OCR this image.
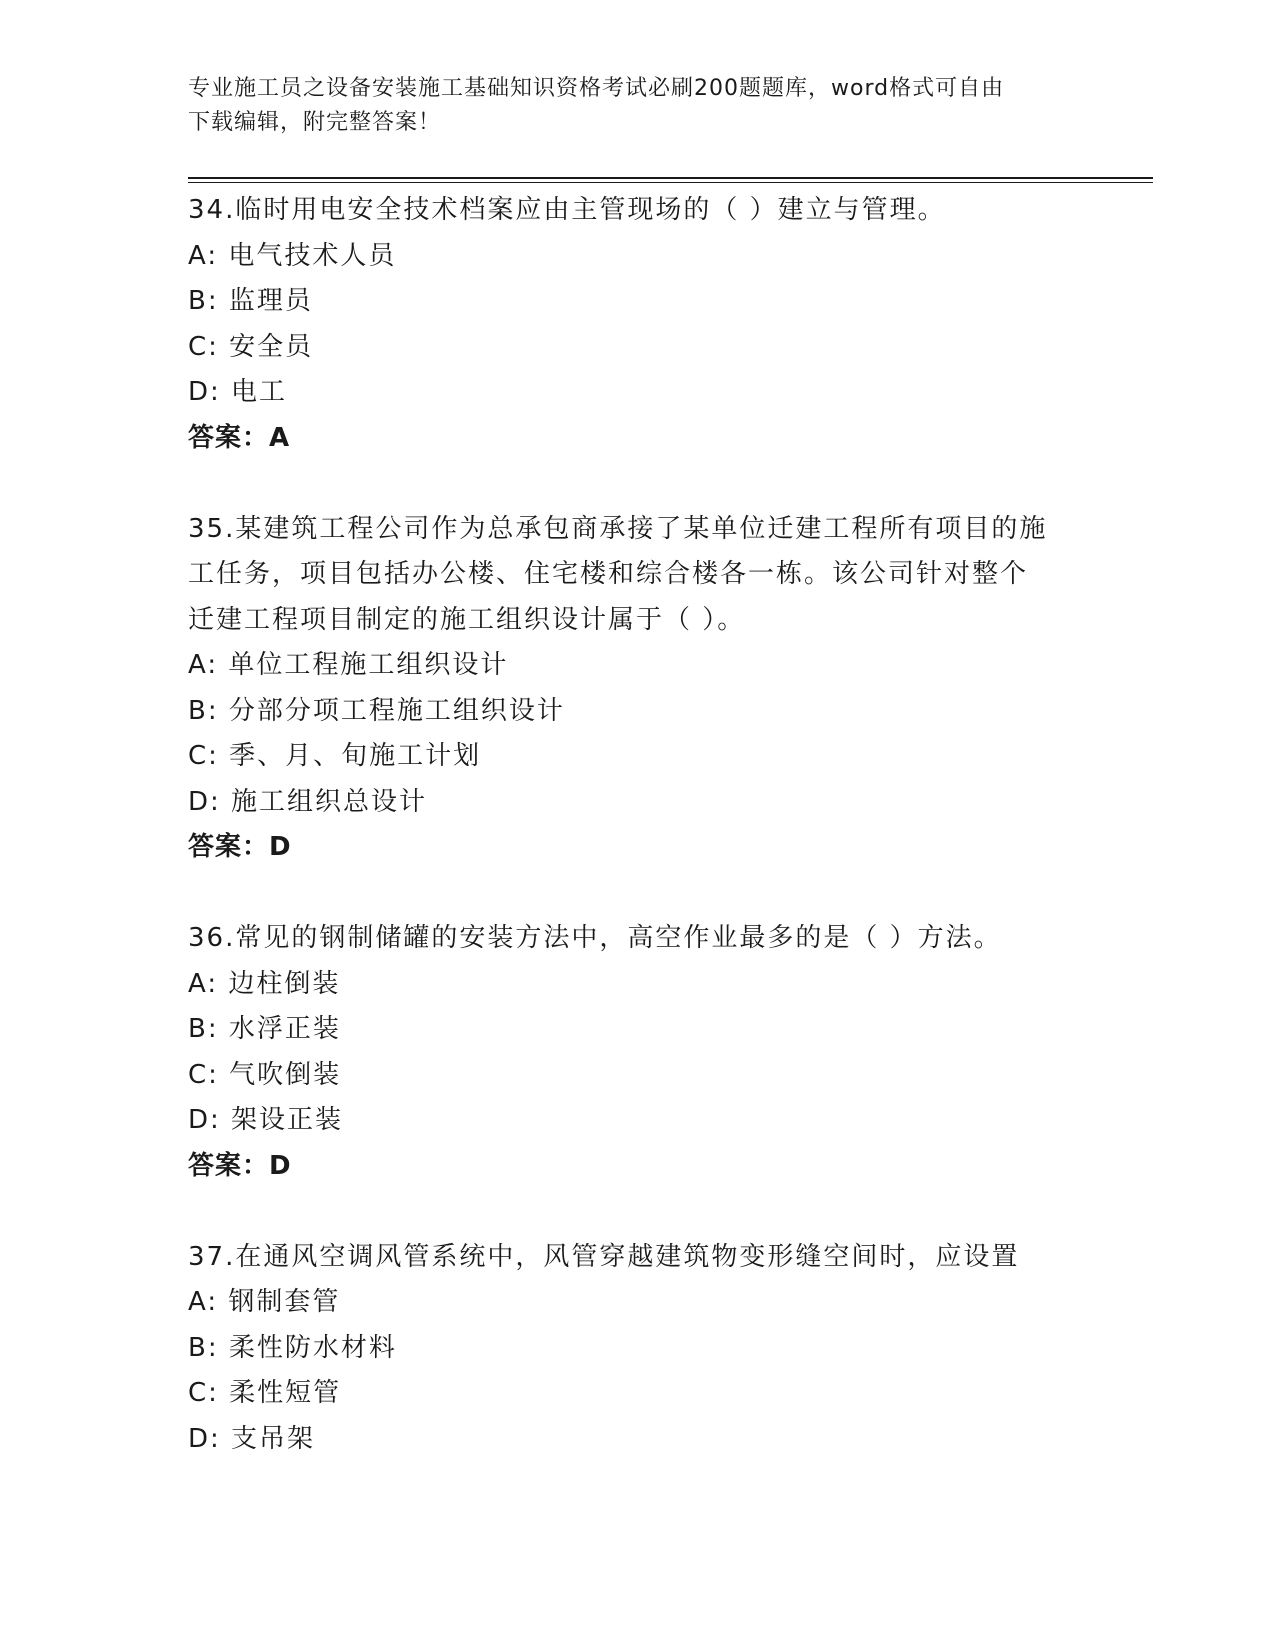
专业施工员之设备安装施工基础知识资格考试必刷200题题库，word格式可自由
下载编辑，附完整答案！

34.临时用电安全技术档案应由主管现场的（ ）建立与管理。

A: 电气技术人员

B: 监理员

C: 安全员

D: 电工

答案：A

35.某建筑工程公司作为总承包商承接了某单位迁建工程所有项目的施

工任务，项目包括办公楼、住宅楼和综合楼各一栋。该公司针对整个

迁建工程项目制定的施工组织设计属于（ ）。

A: 单位工程施工组织设计

B: 分部分项工程施工组织设计

C: 季、月、旬施工计划

D: 施工组织总设计

答案：D

36.常见的钢制储罐的安装方法中，高空作业最多的是（ ）方法。

A: 边柱倒装

B: 水浮正装

C: 气吹倒装

D: 架设正装

答案：D

37.在通风空调风管系统中，风管穿越建筑物变形缝空间时，应设置

A: 钢制套管

B: 柔性防水材料

C: 柔性短管

D: 支吊架
